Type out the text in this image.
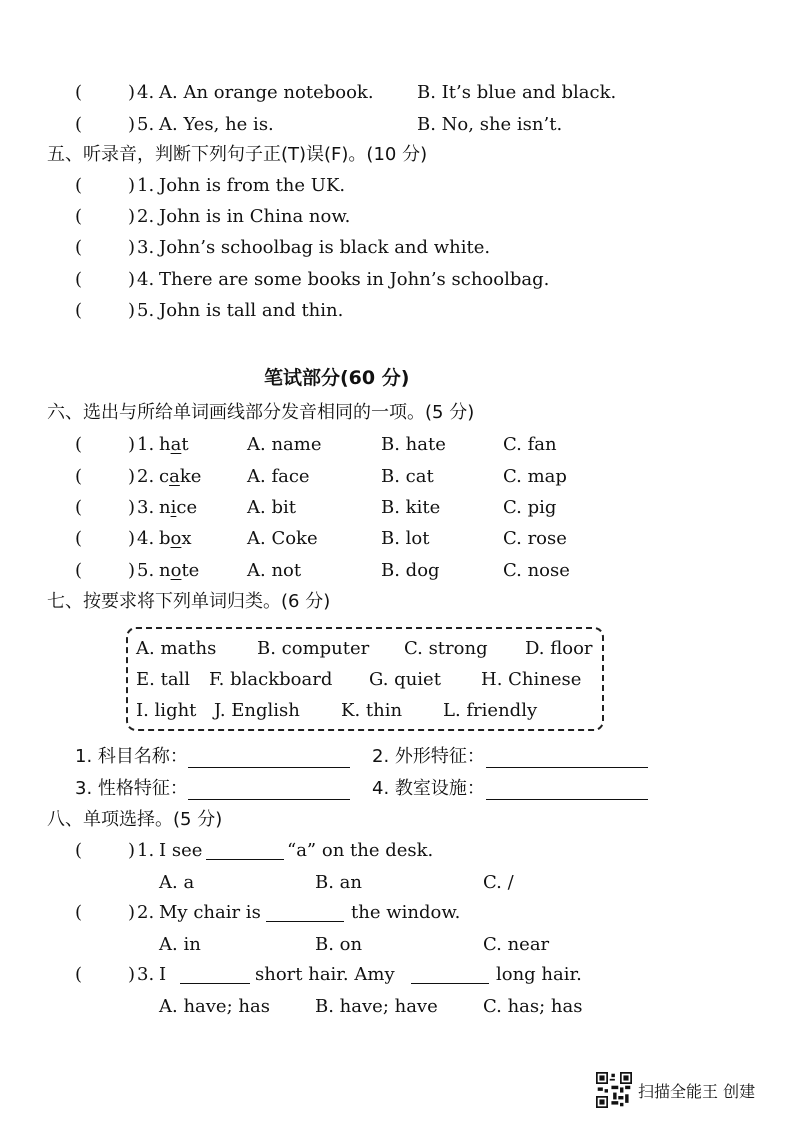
(	) 4. A. An orange notebook. B. It’s blue and black.
(	) 5. A. Yes, he is.	B. No, she isn’t.
五、听录音，判断下列句子正(T)误(F)。(10 分)
(	) 1. John is from the UK.
(	) 2. John is in China now.
(	) 3. John’s schoolbag is black and white.
(	) 4. There are some books in John’s schoolbag.
(	) 5. John is tall and thin.
笔试部分(60 分)
六、选出与所给单词画线部分发音相同的一项。(5 分)
(	) 1. hat	A. name	B. hate	C. fan
(	) 2. cake	A. face	B. cat	C. map
(	) 3. nice	A. bit	B. kite	C. pig
(	) 4. box	A. Coke	B. lot	C. rose
(	) 5. note	A. not	B. dog	C. nose
七、按要求将下列单词归类。(6 分)
A. maths B. computer C. strong D. floor
E. tall F. blackboard G. quiet H. Chinese
I. light J. English K. thin L. friendly
1. 科目名称：	2. 外形特征：
3. 性格特征：	4. 教室设施：
八、单项选择。(5 分)
(	) 1. I see	“a” on the desk.
A. a	B. an	C. /
(	) 2. My chair is	the window.
A. in	B. on	C. near
(	) 3. I	short hair. Amy	long hair.
A. have; has	B. have; have	C. has; has
扫描全能王 创建
